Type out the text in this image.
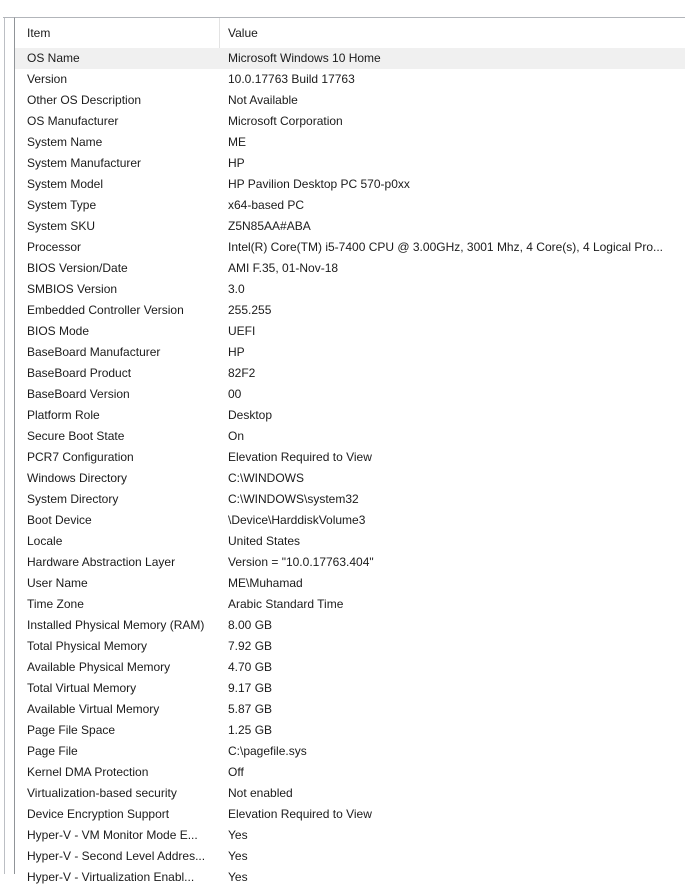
Item	Value
OS Name	Microsoft Windows 10 Home
Version	10.0.17763 Build 17763
Other OS Description	Not Available
OS Manufacturer	Microsoft Corporation
System Name	ME
System Manufacturer	HP
System Model	HP Pavilion Desktop PC 570-p0xx
System Type	x64-based PC
System SKU	Z5N85AA#ABA
Processor	Intel(R) Core(TM) i5-7400 CPU @ 3.00GHz, 3001 Mhz, 4 Core(s), 4 Logical Pro...
BIOS Version/Date	AMI F.35, 01-Nov-18
SMBIOS Version	3.0
Embedded Controller Version	255.255
BIOS Mode	UEFI
BaseBoard Manufacturer	HP
BaseBoard Product	82F2
BaseBoard Version	00
Platform Role	Desktop
Secure Boot State	On
PCR7 Configuration	Elevation Required to View
Windows Directory	C:\WINDOWS
System Directory	C:\WINDOWS\system32
Boot Device	\Device\HarddiskVolume3
Locale	United States
Hardware Abstraction Layer	Version = "10.0.17763.404"
User Name	ME\Muhamad
Time Zone	Arabic Standard Time
Installed Physical Memory (RAM)	8.00 GB
Total Physical Memory	7.92 GB
Available Physical Memory	4.70 GB
Total Virtual Memory	9.17 GB
Available Virtual Memory	5.87 GB
Page File Space	1.25 GB
Page File	C:\pagefile.sys
Kernel DMA Protection	Off
Virtualization-based security	Not enabled
Device Encryption Support	Elevation Required to View
Hyper-V - VM Monitor Mode E...	Yes
Hyper-V - Second Level Addres...	Yes
Hyper-V - Virtualization Enabl...	Yes
